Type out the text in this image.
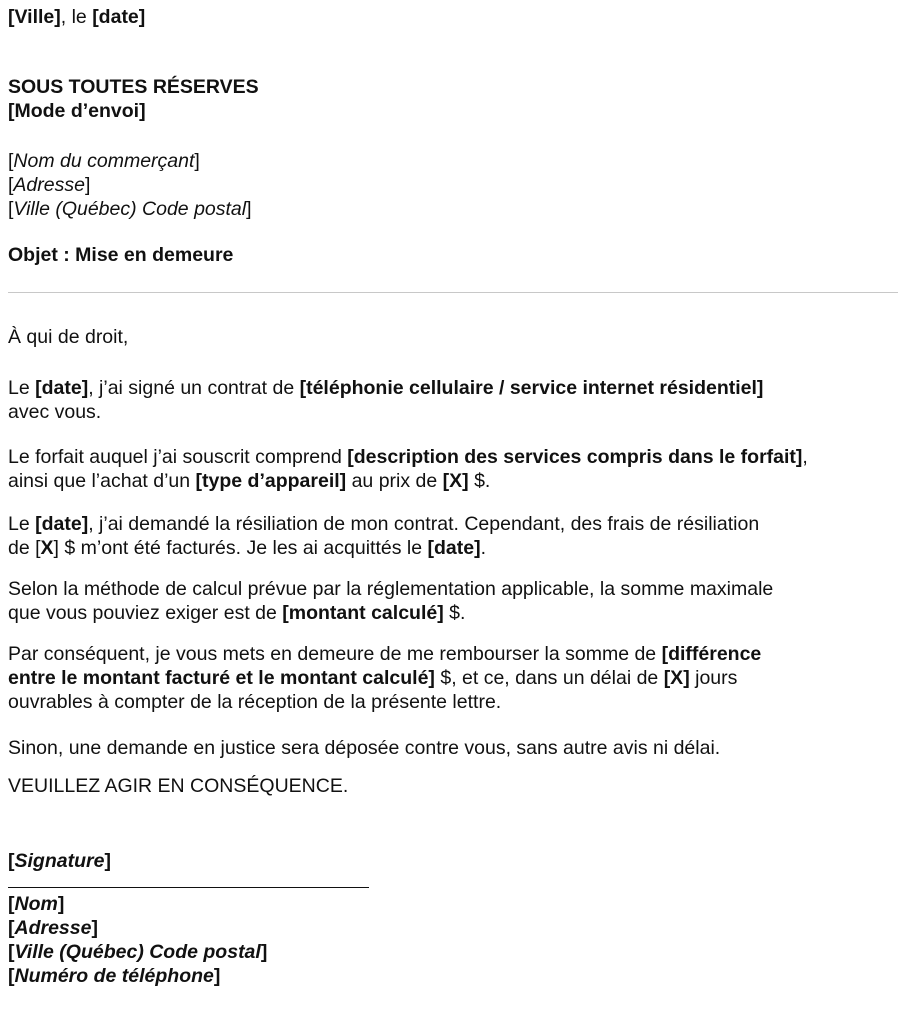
[Ville], le [date]
SOUS TOUTES RÉSERVES
[Mode d’envoi]
[Nom du commerçant]
[Adresse]
[Ville (Québec) Code postal]
Objet : Mise en demeure
À qui de droit,
Le [date], j’ai signé un contrat de [téléphonie cellulaire / service internet résidentiel]
avec vous.
Le forfait auquel j’ai souscrit comprend [description des services compris dans le forfait],
ainsi que l’achat d’un [type d’appareil] au prix de [X] $.
Le [date], j’ai demandé la résiliation de mon contrat. Cependant, des frais de résiliation
de [X] $ m’ont été facturés. Je les ai acquittés le [date].
Selon la méthode de calcul prévue par la réglementation applicable, la somme maximale
que vous pouviez exiger est de [montant calculé] $.
Par conséquent, je vous mets en demeure de me rembourser la somme de [différence
entre le montant facturé et le montant calculé] $, et ce, dans un délai de [X] jours
ouvrables à compter de la réception de la présente lettre.
Sinon, une demande en justice sera déposée contre vous, sans autre avis ni délai.
VEUILLEZ AGIR EN CONSÉQUENCE.
[Signature]
[Nom]
[Adresse]
[Ville (Québec) Code postal]
[Numéro de téléphone]
